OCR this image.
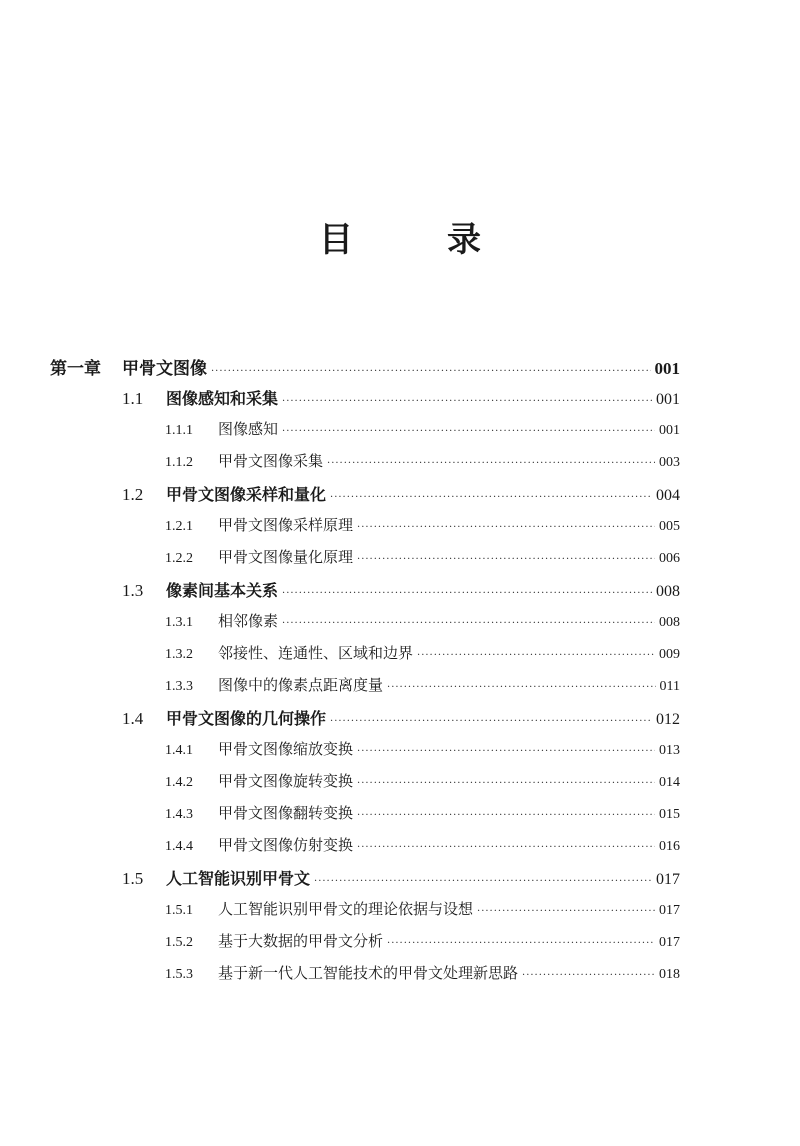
目　录
第一章 甲骨文图像 ·····	001
1.1 图像感知和采集 ·····	001
1.1.1 图像感知 ·····	001
1.1.2 甲骨文图像采集 ·····	003
1.2 甲骨文图像采样和量化 ·····	004
1.2.1 甲骨文图像采样原理 ·····	005
1.2.2 甲骨文图像量化原理 ·····	006
1.3 像素间基本关系 ·····	008
1.3.1 相邻像素 ·····	008
1.3.2 邻接性、连通性、区域和边界 ·····	009
1.3.3 图像中的像素点距离度量 ·····	011
1.4 甲骨文图像的几何操作 ·····	012
1.4.1 甲骨文图像缩放变换 ·····	013
1.4.2 甲骨文图像旋转变换 ·····	014
1.4.3 甲骨文图像翻转变换 ·····	015
1.4.4 甲骨文图像仿射变换 ·····	016
1.5 人工智能识别甲骨文 ·····	017
1.5.1 人工智能识别甲骨文的理论依据与设想 ·····	017
1.5.2 基于大数据的甲骨文分析 ·····	017
1.5.3 基于新一代人工智能技术的甲骨文处理新思路 ·····	018
